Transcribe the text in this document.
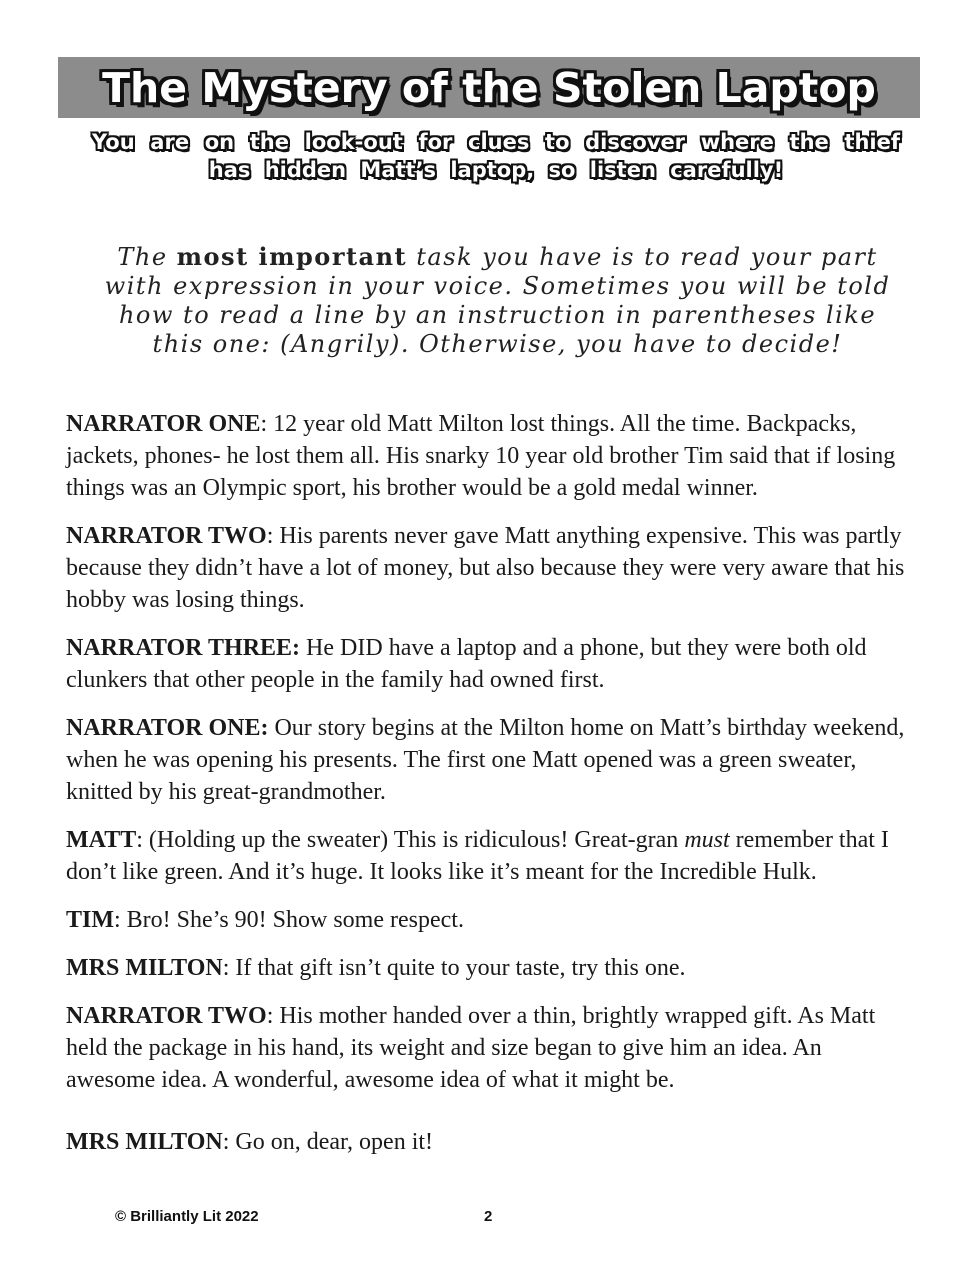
The Mystery of the Stolen Laptop
You are on the look-out for clues to discover where the thief has hidden Matt’s laptop, so listen carefully!
The most important task you have is to read your part with expression in your voice. Sometimes you will be told how to read a line by an instruction in parentheses like this one: (Angrily). Otherwise, you have to decide!

NARRATOR ONE: 12 year old Matt Milton lost things. All the time. Backpacks, jackets, phones- he lost them all. His snarky 10 year old brother Tim said that if losing things was an Olympic sport, his brother would be a gold medal winner.

NARRATOR TWO: His parents never gave Matt anything expensive. This was partly because they didn’t have a lot of money, but also because they were very aware that his hobby was losing things.

NARRATOR THREE: He DID have a laptop and a phone, but they were both old clunkers that other people in the family had owned first.

NARRATOR ONE: Our story begins at the Milton home on Matt’s birthday weekend, when he was opening his presents. The first one Matt opened was a green sweater, knitted by his great-grandmother.

MATT: (Holding up the sweater) This is ridiculous! Great-gran must remember that I don’t like green. And it’s huge. It looks like it’s meant for the Incredible Hulk.

TIM: Bro! She’s 90! Show some respect.

MRS MILTON: If that gift isn’t quite to your taste, try this one.

NARRATOR TWO: His mother handed over a thin, brightly wrapped gift. As Matt held the package in his hand, its weight and size began to give him an idea. An awesome idea. A wonderful, awesome idea of what it might be.

MRS MILTON: Go on, dear, open it!

© Brilliantly Lit 2022	2
